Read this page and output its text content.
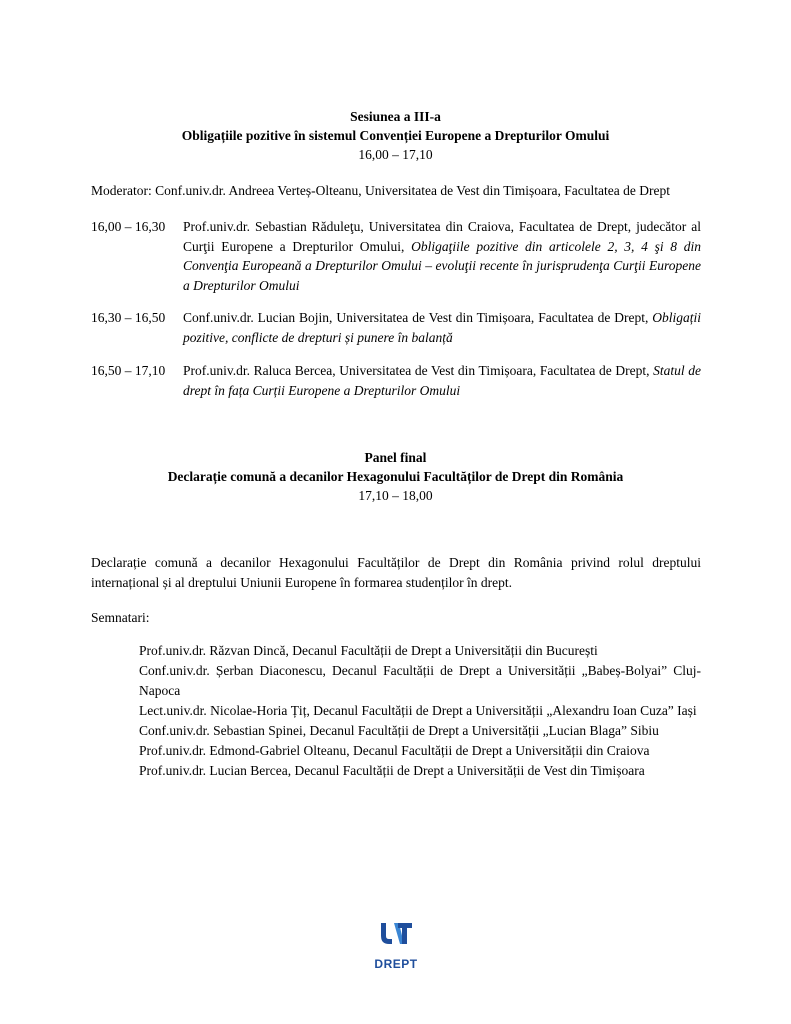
Sesiunea a III-a
Obligațiile pozitive în sistemul Convenției Europene a Drepturilor Omului
16,00 – 17,10
Moderator: Conf.univ.dr. Andreea Verteș-Olteanu, Universitatea de Vest din Timișoara, Facultatea de Drept
16,00 – 16,30	Prof.univ.dr. Sebastian Răduleţu, Universitatea din Craiova, Facultatea de Drept, judecător al Curţii Europene a Drepturilor Omului, Obligaţiile pozitive din articolele 2, 3, 4 şi 8 din Convenţia Europeană a Drepturilor Omului – evoluţii recente în jurisprudenţa Curţii Europene a Drepturilor Omului
16,30 – 16,50	Conf.univ.dr. Lucian Bojin, Universitatea de Vest din Timișoara, Facultatea de Drept, Obligații pozitive, conflicte de drepturi și punere în balanță
16,50 – 17,10	Prof.univ.dr. Raluca Bercea, Universitatea de Vest din Timișoara, Facultatea de Drept, Statul de drept în fața Curții Europene a Drepturilor Omului
Panel final
Declarație comună a decanilor Hexagonului Facultăților de Drept din România
17,10 – 18,00
Declarație comună a decanilor Hexagonului Facultăților de Drept din România privind rolul dreptului internațional și al dreptului Uniunii Europene în formarea studenților în drept.
Semnatari:
Prof.univ.dr. Răzvan Dincă, Decanul Facultății de Drept a Universității din București
Conf.univ.dr. Șerban Diaconescu, Decanul Facultății de Drept a Universității „Babeș-Bolyai” Cluj-Napoca
Lect.univ.dr. Nicolae-Horia Țiț, Decanul Facultății de Drept a Universității „Alexandru Ioan Cuza” Iași
Conf.univ.dr. Sebastian Spinei, Decanul Facultății de Drept a Universității „Lucian Blaga” Sibiu
Prof.univ.dr. Edmond-Gabriel Olteanu, Decanul Facultății de Drept a Universității din Craiova
Prof.univ.dr. Lucian Bercea, Decanul Facultății de Drept a Universității de Vest din Timișoara
DREPT
